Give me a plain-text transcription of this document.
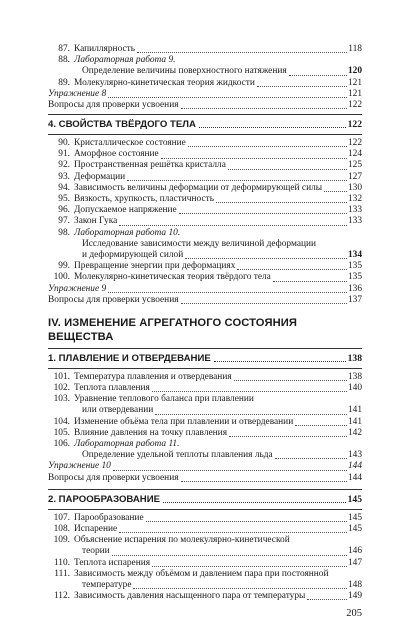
87. Капиллярность	118
88. Лабораторная работа 9.
Определение величины поверхностного натяжения	120
89. Молекулярно-кинетическая теория жидкости	121
Упражнение 8	121
Вопросы для проверки усвоения	122
4. СВОЙСТВА ТВЁРДОГО ТЕЛА	122
90. Кристаллическое состояние	122
91. Аморфное состояние	124
92. Пространственная решётка кристалла	125
93. Деформации	127
94. Зависимость величины деформации от деформирующей силы	130
95. Вязкость, хрупкость, пластичность	132
96. Допускаемое напряжение	133
97. Закон Гука	133
98. Лабораторная работа 10.
Исследование зависимости между величиной деформации
и деформирующей силой	134
99. Превращение энергии при деформациях	135
100. Молекулярно-кинетическая теория твёрдого тела	135
Упражнение 9	136
Вопросы для проверки усвоения	137
IV. ИЗМЕНЕНИЕ АГРЕГАТНОГО СОСТОЯНИЯ ВЕЩЕСТВА
1. ПЛАВЛЕНИЕ И ОТВЕРДЕВАНИЕ	138
101. Температура плавления и отвердевания	138
102. Теплота плавления	140
103. Уравнение теплового баланса при плавлении
или отвердевании	141
104. Изменение объёма тела при плавлении и отвердевании	141
105. Влияние давления на точку плавления	142
106. Лабораторная работа 11.
Определение удельной теплоты плавления льда	143
Упражнение 10	144
Вопросы для проверки усвоения	144
2. ПАРООБРАЗОВАНИЕ	145
107. Парообразование	145
108. Испарение	145
109. Объяснение испарения по молекулярно-кинетической
теории	146
110. Теплота испарения	147
111. Зависимость между объёмом и давлением пара при постоянной
температуре	148
112. Зависимость давления насыщенного пара от температуры	149
205
